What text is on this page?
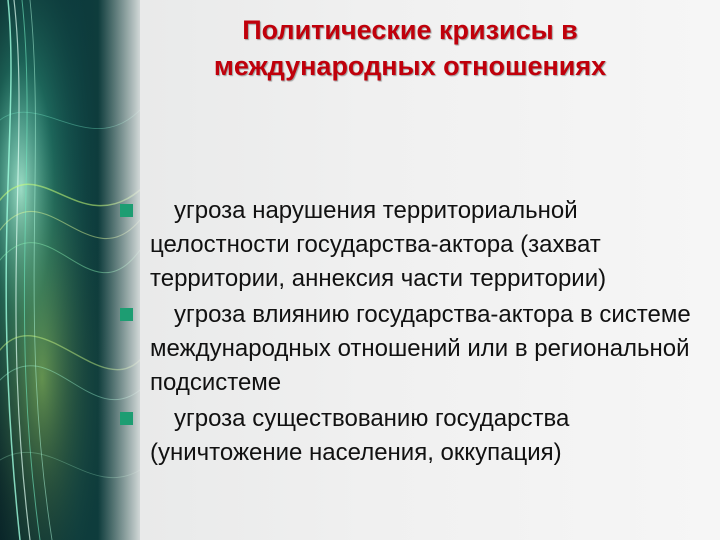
Политические кризисы в
международных отношениях
угроза нарушения территориальной целостности государства-актора (захват территории, аннексия части территории)
угроза влиянию государства-актора в системе международных отношений или в региональной подсистеме
угроза существованию государства (уничтожение населения, оккупация)
